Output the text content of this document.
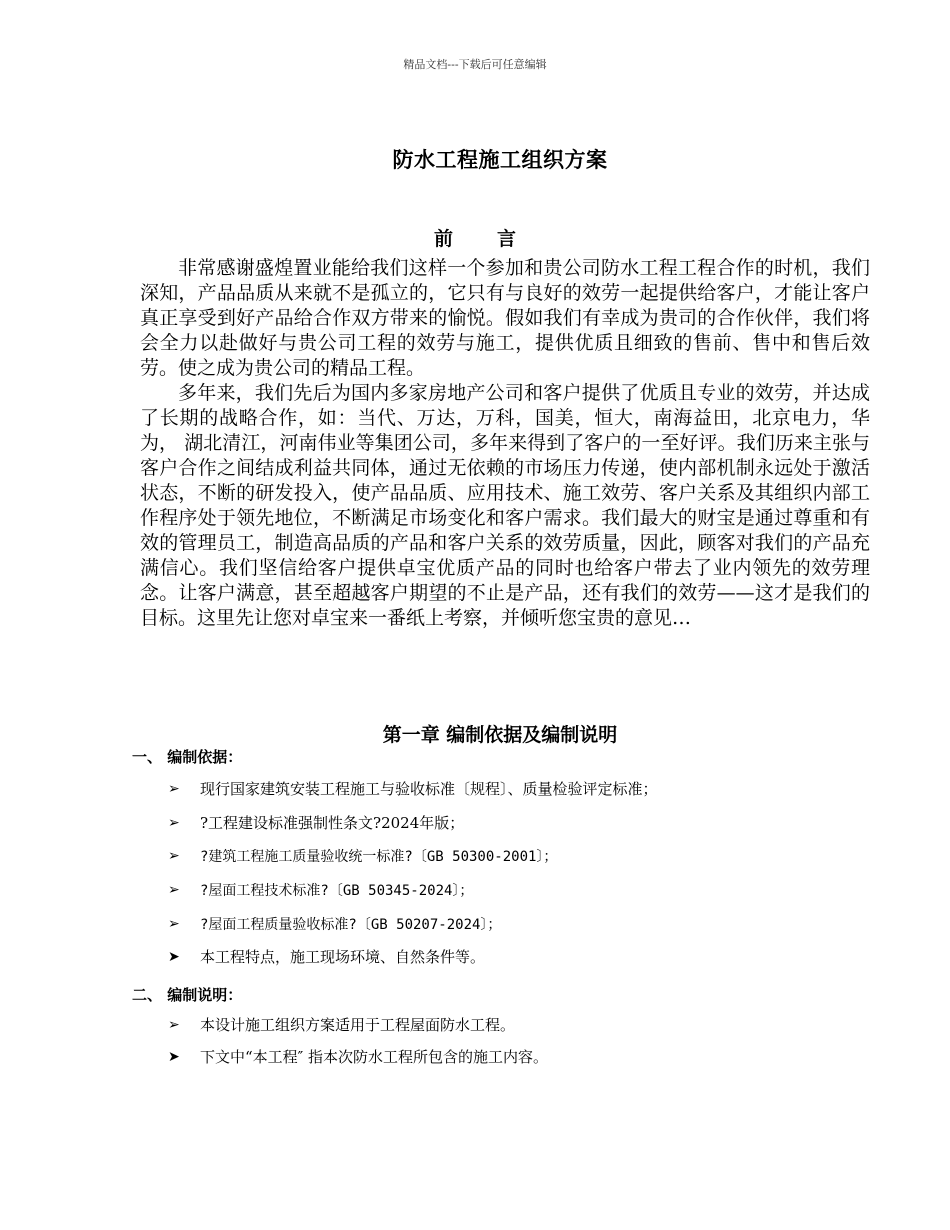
精品文档---下载后可任意编辑
防水工程施工组织方案
前 言

非常感谢盛煌置业能给我们这样一个参加和贵公司防水工程工程合作的时机，我们深知，产品品质从来就不是孤立的，它只有与良好的效劳一起提供给客户，才能让客户真正享受到好产品给合作双方带来的愉悦。假如我们有幸成为贵司的合作伙伴，我们将会全力以赴做好与贵公司工程的效劳与施工，提供优质且细致的售前、售中和售后效劳。使之成为贵公司的精品工程。

多年来，我们先后为国内多家房地产公司和客户提供了优质且专业的效劳，并达成了长期的战略合作，如：当代、万达，万科，国美，恒大，南海益田，北京电力，华为， 湖北清江，河南伟业等集团公司，多年来得到了客户的一至好评。我们历来主张与客户合作之间结成利益共同体，通过无依赖的市场压力传递，使内部机制永远处于激活状态，不断的研发投入，使产品品质、应用技术、施工效劳、客户关系及其组织内部工作程序处于领先地位，不断满足市场变化和客户需求。我们最大的财宝是通过尊重和有效的管理员工，制造高品质的产品和客户关系的效劳质量，因此，顾客对我们的产品充满信心。我们坚信给客户提供卓宝优质产品的同时也给客户带去了业内领先的效劳理念。让客户满意，甚至超越客户期望的不止是产品，还有我们的效劳——这才是我们的目标。这里先让您对卓宝来一番纸上考察，并倾听您宝贵的意见…

第一章 编制依据及编制说明
一、 编制依据：
➢	现行国家建筑安装工程施工与验收标准〔规程〕、质量检验评定标准；
➢	?工程建设标准强制性条文?2024年版；
➢	?建筑工程施工质量验收统一标准?〔GB 50300-2001〕；
➢	?屋面工程技术标准?〔GB 50345-2024〕；
➢	?屋面工程质量验收标准?〔GB 50207-2024〕；
➤	本工程特点，施工现场环境、自然条件等。
二、 编制说明：
➢	本设计施工组织方案适用于工程屋面防水工程。
➤	下文中“本工程″ 指本次防水工程所包含的施工内容。
